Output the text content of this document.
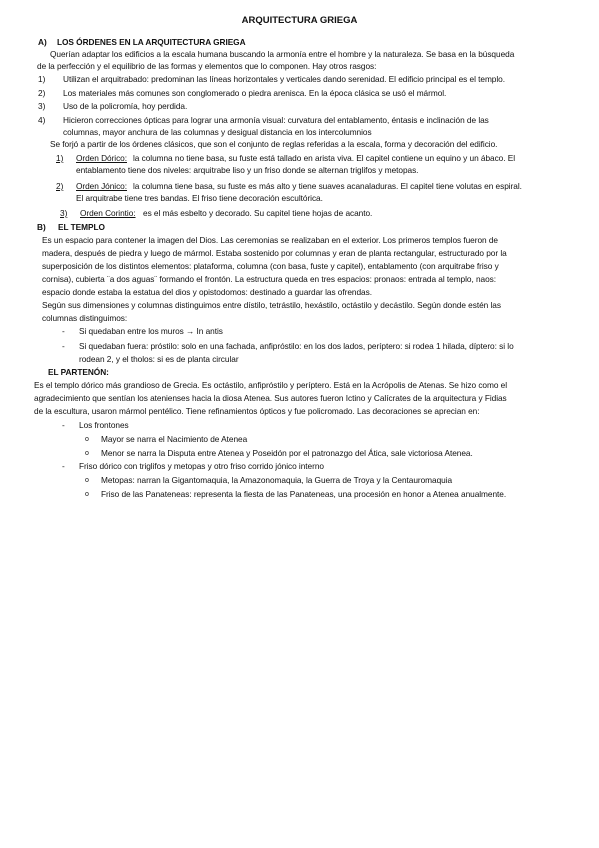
ARQUITECTURA GRIEGA
A) LOS ÓRDENES EN LA ARQUITECTURA GRIEGA
Querían adaptar los edificios a la escala humana buscando la armonía entre el hombre y la naturaleza. Se basa en la búsqueda
de la perfección y el equilibrio de las formas y elementos que lo componen. Hay otros rasgos:
1) Utilizan el arquitrabado: predominan las líneas horizontales y verticales dando serenidad. El edificio principal es el templo.
2) Los materiales más comunes son conglomerado o piedra arenisca. En la época clásica se usó el mármol.
3) Uso de la policromía, hoy perdida.
4) Hicieron correcciones ópticas para lograr una armonía visual: curvatura del entablamento, éntasis e inclinación de las
columnas, mayor anchura de las columnas y desigual distancia en los intercolumnios
Se forjó a partir de los órdenes clásicos, que son el conjunto de reglas referidas a la escala, forma y decoración del edificio.
1) Orden Dórico: la columna no tiene basa, su fuste está tallado en arista viva. El capitel contiene un equino y un ábaco. El
entablamento tiene dos niveles: arquitrabe liso y un friso donde se alternan triglifos y metopas.
2) Orden Jónico: la columna tiene basa, su fuste es más alto y tiene suaves acanaladuras. El capitel tiene volutas en espiral.
El arquitrabe tiene tres bandas. El friso tiene decoración escultórica.
3) Orden Corintio: es el más esbelto y decorado. Su capitel tiene hojas de acanto.
B) EL TEMPLO
Es un espacio para contener la imagen del Dios. Las ceremonias se realizaban en el exterior. Los primeros templos fueron de
madera, después de piedra y luego de mármol. Estaba sostenido por columnas y eran de planta rectangular, estructurado por la
superposición de los distintos elementos: plataforma, columna (con basa, fuste y capitel), entablamento (con arquitrabe friso y
cornisa), cubierta ¨a dos aguas¨ formando el frontón. La estructura queda en tres espacios: pronaos: entrada al templo, naos:
espacio donde estaba la estatua del dios y opistodomos: destinado a guardar las ofrendas.
Según sus dimensiones y columnas distinguimos entre dístilo, tetrástilo, hexástilo, octástilo y decástilo. Según donde estén las
columnas distinguimos:
- Si quedaban entre los muros → In antis
- Si quedaban fuera: próstilo: solo en una fachada, anfipróstilo: en los dos lados, períptero: si rodea 1 hilada, díptero: si lo
rodean 2, y el tholos: si es de planta circular
EL PARTENÓN:
Es el templo dórico más grandioso de Grecia. Es octástilo, anfipróstilo y períptero. Está en la Acrópolis de Atenas. Se hizo como el
agradecimiento que sentían los atenienses hacia la diosa Atenea. Sus autores fueron Ictino y Calícrates de la arquitectura y Fidias
de la escultura, usaron mármol pentélico. Tiene refinamientos ópticos y fue policromado. Las decoraciones se aprecian en:
- Los frontones
o Mayor se narra el Nacimiento de Atenea
o Menor se narra la Disputa entre Atenea y Poseidón por el patronazgo del Ática, sale victoriosa Atenea.
- Friso dórico con triglifos y metopas y otro friso corrido jónico interno
o Metopas: narran la Gigantomaquia, la Amazonomaquia, la Guerra de Troya y la Centauromaquia
o Friso de las Panateneas: representa la fiesta de las Panateneas, una procesión en honor a Atenea anualmente.
